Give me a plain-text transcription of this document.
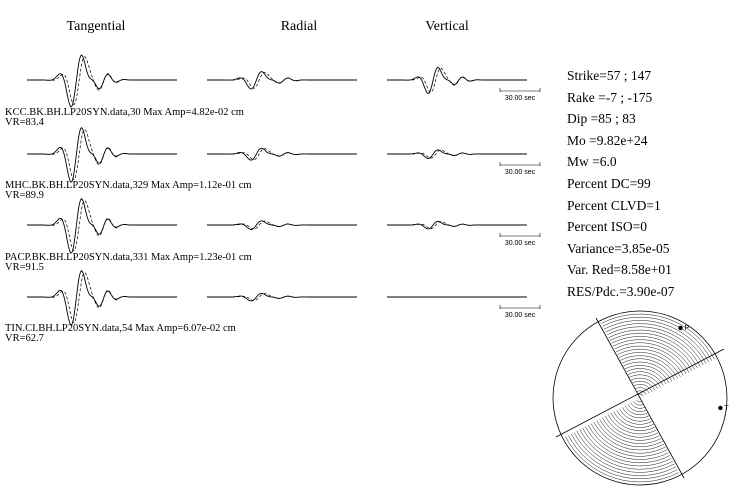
Tangential	Radial	Vertical
30.00 sec
KCC.BK.BH.LP20SYN.data,30 Max Amp=4.82e-02 cm
VR=83.4
30.00 sec
MHC.BK.BH.LP20SYN.data,329 Max Amp=1.12e-01 cm
VR=89.9
30.00 sec
PACP.BK.BH.LP20SYN.data,331 Max Amp=1.23e-01 cm
VR=91.5
30.00 sec
TIN.CI.BH.LP20SYN.data,54 Max Amp=6.07e-02 cm
VR=62.7
Strike=57 ; 147
Rake =-7 ; -175
Dip =85 ; 83
Mo =9.82e+24
Mw =6.0
Percent DC=99
Percent CLVD=1
Percent ISO=0
Variance=3.85e-05
Var. Red=8.58e+01
RES/Pdc.=3.90e-07
P
T
